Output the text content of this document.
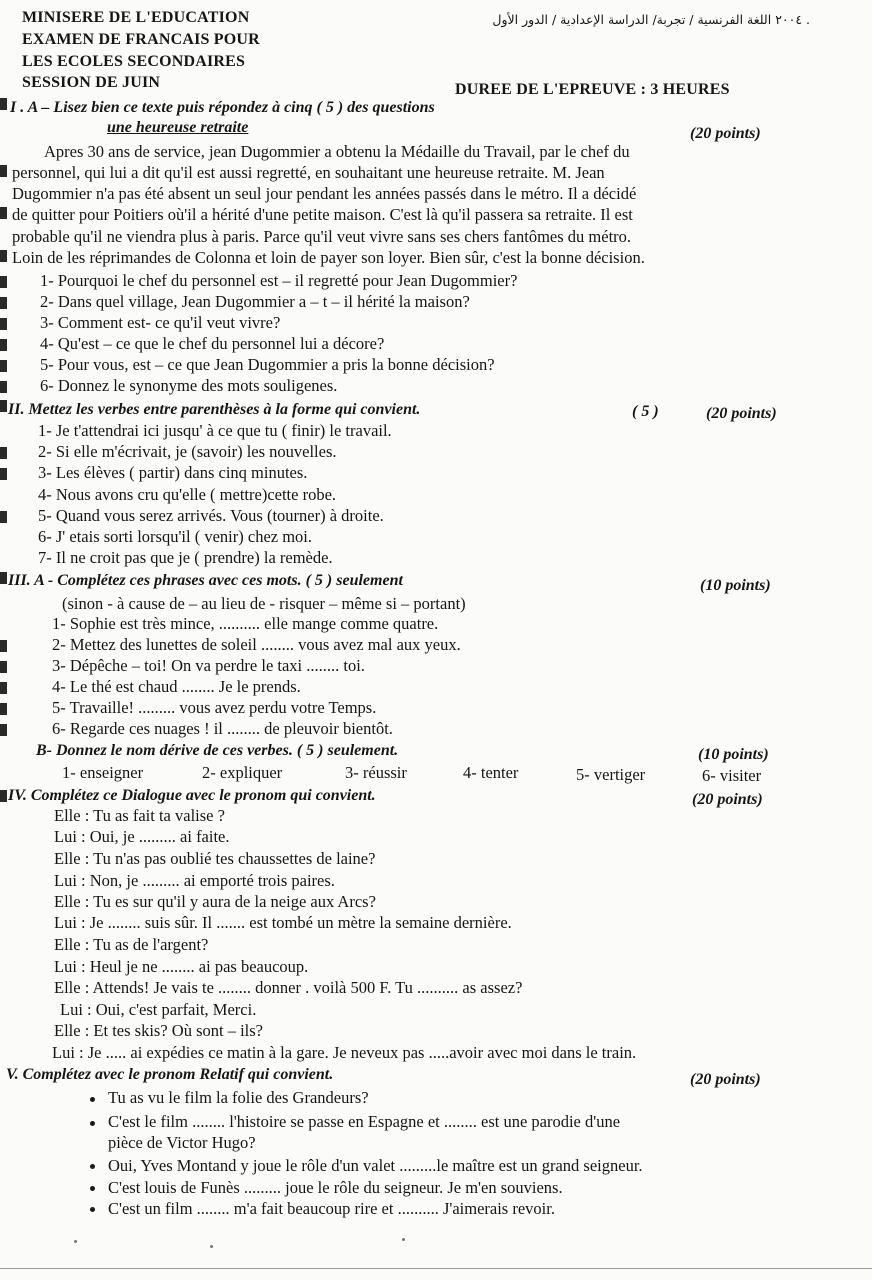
MINISERE DE L'EDUCATION	. ٢٠٠٤ اللغة الفرنسية / تجربة/ الدراسة الإعدادية / الدور الأول
EXAMEN DE FRANCAIS POUR
LES ECOLES SECONDAIRES
SESSION DE JUIN	DUREE DE L'EPREUVE : 3 HEURES
I . A – Lisez bien ce texte puis répondez à cinq ( 5 ) des questions
une heureuse retraite	(20 points)
Apres 30 ans de service, jean Dugommier a obtenu la Médaille du Travail, par le chef du
personnel, qui lui a dit qu'il est aussi regretté, en souhaitant une heureuse retraite. M. Jean
Dugommier n'a pas été absent un seul jour pendant les années passés dans le métro. Il a décidé
de quitter pour Poitiers où'il a hérité d'une petite maison. C'est là qu'il passera sa retraite. Il est
probable qu'il ne viendra plus à paris. Parce qu'il veut vivre sans ses chers fantômes du métro.
Loin de les réprimandes de Colonna et loin de payer son loyer. Bien sûr, c'est la bonne décision.
1- Pourquoi le chef du personnel est – il regretté pour Jean Dugommier?
2- Dans quel village, Jean Dugommier a – t – il hérité la maison?
3- Comment est- ce qu'il veut vivre?
4- Qu'est – ce que le chef du personnel lui a décore?
5- Pour vous, est – ce que Jean Dugommier a pris la bonne décision?
6- Donnez le synonyme des mots souligenes.
II. Mettez les verbes entre parenthèses à la forme qui convient.	( 5 )	(20 points)
1- Je t'attendrai ici jusqu' à ce que tu ( finir) le travail.
2- Si elle m'écrivait, je (savoir) les nouvelles.
3- Les élèves ( partir) dans cinq minutes.
4- Nous avons cru qu'elle ( mettre)cette robe.
5- Quand vous serez arrivés. Vous (tourner) à droite.
6- J' etais sorti lorsqu'il ( venir) chez moi.
7- Il ne croit pas que je ( prendre) la remède.
III. A - Complétez ces phrases avec ces mots. ( 5 ) seulement	(10 points)
(sinon - à cause de – au lieu de - risquer – même si – portant)
1- Sophie est très mince, .......... elle mange comme quatre.
2- Mettez des lunettes de soleil ........ vous avez mal aux yeux.
3- Dépêche – toi! On va perdre le taxi ........ toi.
4- Le thé est chaud ........ Je le prends.
5- Travaille! ......... vous avez perdu votre Temps.
6- Regarde ces nuages ! il ........ de pleuvoir bientôt.
B- Donnez le nom dérive de ces verbes. ( 5 ) seulement.	(10 points)
1- enseigner	2- expliquer	3- réussir	4- tenter	5- vertiger	6- visiter
IV. Complétez ce Dialogue avec le pronom qui convient.	(20 points)
Elle : Tu as fait ta valise ?
Lui : Oui, je ......... ai faite.
Elle : Tu n'as pas oublié tes chaussettes de laine?
Lui : Non, je ......... ai emporté trois paires.
Elle : Tu es sur qu'il y aura de la neige aux Arcs?
Lui : Je ........ suis sûr. Il ....... est tombé un mètre la semaine dernière.
Elle : Tu as de l'argent?
Lui : Heul je ne ........ ai pas beaucoup.
Elle : Attends! Je vais te ........ donner . voilà 500 F. Tu .......... as assez?
Lui : Oui, c'est parfait, Merci.
Elle : Et tes skis? Où sont – ils?
Lui : Je ..... ai expédies ce matin à la gare. Je neveux pas .....avoir avec moi dans le train.
V. Complétez avec le pronom Relatif qui convient.	(20 points)
Tu as vu le film la folie des Grandeurs?
C'est le film ........ l'histoire se passe en Espagne et ........ est une parodie d'une
pièce de Victor Hugo?
Oui, Yves Montand y joue le rôle d'un valet .........le maître est un grand seigneur.
C'est louis de Funès ......... joue le rôle du seigneur. Je m'en souviens.
C'est un film ........ m'a fait beaucoup rire et .......... J'aimerais revoir.
